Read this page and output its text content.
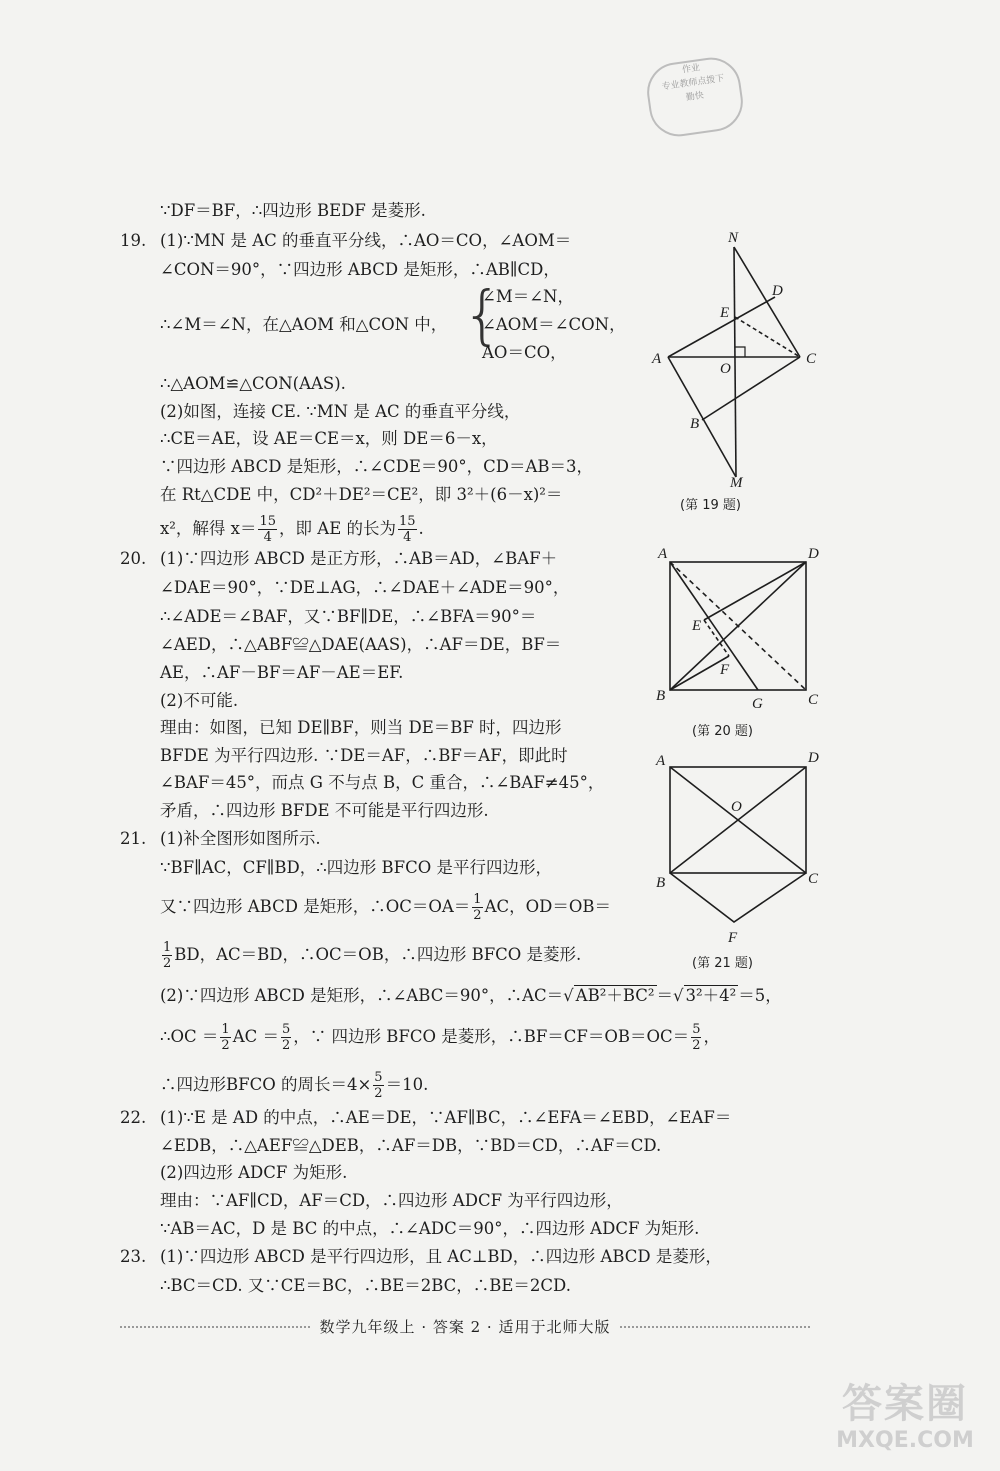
作业
专业教师点拨下
勤快
∵DF＝BF，∴四边形 BEDF 是菱形.
19. (1)∵MN 是 AC 的垂直平分线，∴AO＝CO，∠AOM＝
∠CON＝90°，∵四边形 ABCD 是矩形，∴AB∥CD，
∴∠M＝∠N，在△AOM 和△CON 中， {
∠M＝∠N，
∠AOM＝∠CON，
AO＝CO，
∴△AOM≌△CON(AAS).
(2)如图，连接 CE. ∵MN 是 AC 的垂直平分线，
∴CE＝AE，设 AE＝CE＝x，则 DE＝6－x，
∵四边形 ABCD 是矩形，∴∠CDE＝90°，CD＝AB＝3，
在 Rt△CDE 中，CD²＋DE²＝CE²，即 3²＋(6－x)²＝
x²，解得 $x= \frac{15}{4}$ ，即 AE 的长为 $\frac{15}{4}$ .
N
D
E
A
O
C
B
M
(第 19 题)
20. (1)∵四边形 ABCD 是正方形，∴AB＝AD，∠BAF＋
∠DAE＝90°，∵DE⊥AG，∴∠DAE＋∠ADE＝90°，
∴∠ADE＝∠BAF，又∵BF∥DE，∴∠BFA＝90°＝
∠AED，∴△ABF≌△DAE(AAS)，∴AF＝DE，BF＝
AE，∴AF－BF＝AF－AE＝EF.
(2)不可能.
理由：如图，已知 DE∥BF，则当 DE＝BF 时，四边形
BFDE 为平行四边形. ∵DE＝AF，∴BF＝AF，即此时
∠BAF＝45°，而点 G 不与点 B，C 重合，∴∠BAF≠45°，
矛盾，∴四边形 BFDE 不可能是平行四边形.
A	D
E
F
B	G	C
(第 20 题)
A	D
O
B	C
F
(第 21 题)
21. (1)补全图形如图所示.
∵BF∥AC，CF∥BD，∴四边形 BFCO 是平行四边形，
又∵四边形 ABCD 是矩形，∴OC＝OA＝ $\frac{1}{2}$ AC，OD＝OB＝
$\frac{1}{2}$ BD，AC＝BD，∴OC＝OB，∴四边形 BFCO 是菱形.
(2)∵四边形 ABCD 是矩形，∴∠ABC＝90°，∴AC＝√ AB²＋BC² ＝√ 3²＋4² ＝5，
∴OC ＝ $\frac{1}{2}$ AC ＝ $\frac{5}{2}$ ，∵ 四边形 BFCO 是菱形，∴BF＝CF＝OB＝OC＝ $\frac{5}{2}$ ，
∴四边形BFCO 的周长$=4\times \frac{5}{2} =10$.
22. (1)∵E 是 AD 的中点，∴AE＝DE，∵AF∥BC，∴∠EFA＝∠EBD，∠EAF＝
∠EDB，∴△AEF≌△DEB，∴AF＝DB，∵BD＝CD，∴AF＝CD.
(2)四边形 ADCF 为矩形.
理由：∵AF∥CD，AF＝CD，∴四边形 ADCF 为平行四边形，
∵AB＝AC，D 是 BC 的中点，∴∠ADC＝90°，∴四边形 ADCF 为矩形.
23. (1)∵四边形 ABCD 是平行四边形，且 AC⊥BD，∴四边形 ABCD 是菱形，
∴BC＝CD. 又∵CE＝BC，∴BE＝2BC，∴BE＝2CD.
数学九年级上 · 答案 2 · 适用于北师大版
答案圈
MXQE.COM
